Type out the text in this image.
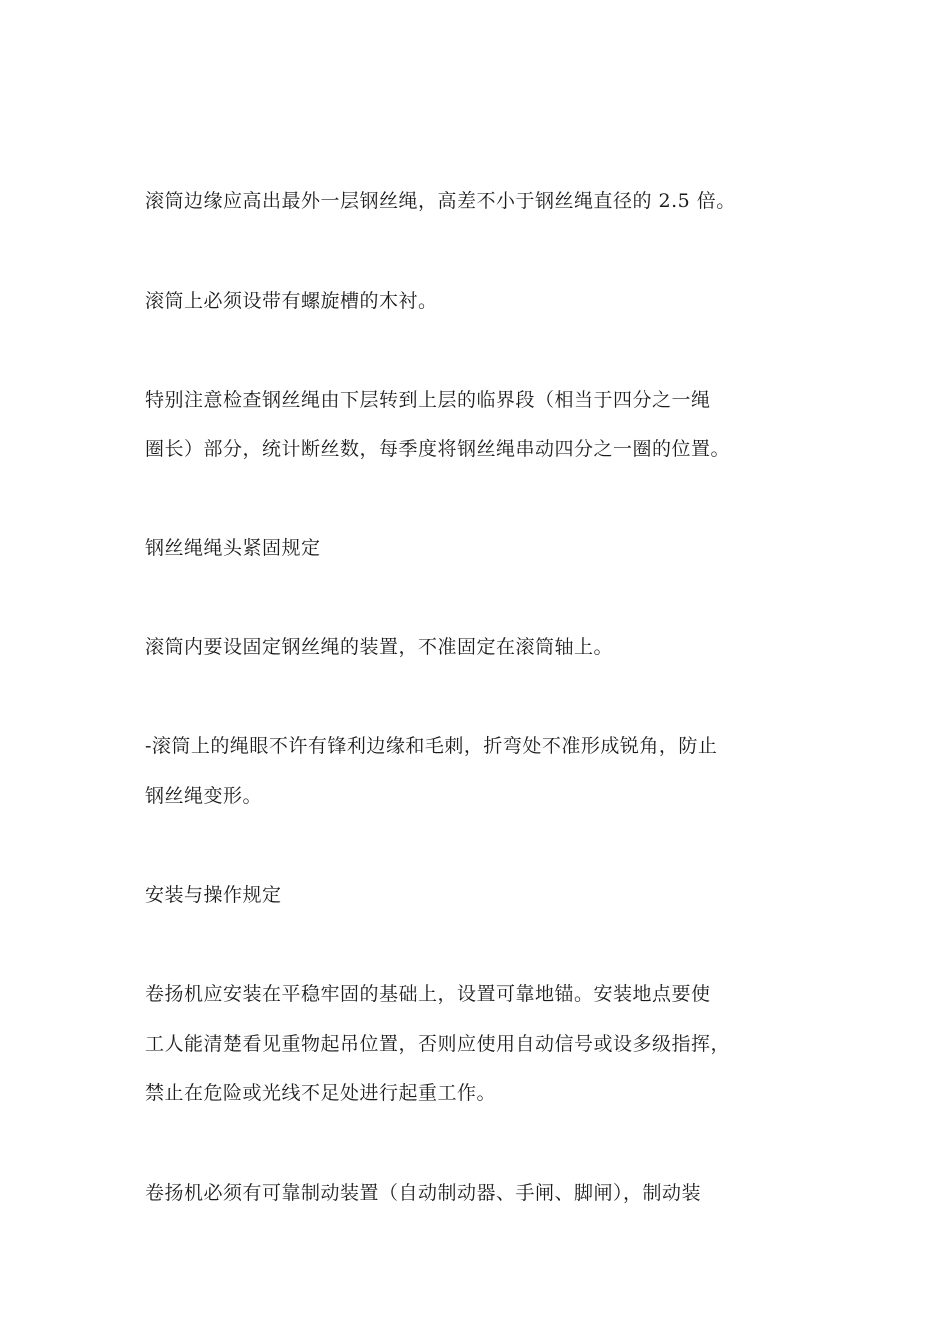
滚筒边缘应高出最外一层钢丝绳，高差不小于钢丝绳直径的 2.5 倍。
滚筒上必须设带有螺旋槽的木衬。
特别注意检查钢丝绳由下层转到上层的临界段（相当于四分之一绳
圈长）部分，统计断丝数，每季度将钢丝绳串动四分之一圈的位置。
钢丝绳绳头紧固规定
滚筒内要设固定钢丝绳的装置，不准固定在滚筒轴上。
-滚筒上的绳眼不许有锋利边缘和毛刺，折弯处不准形成锐角，防止
钢丝绳变形。
安装与操作规定
卷扬机应安装在平稳牢固的基础上，设置可靠地锚。安装地点要使
工人能清楚看见重物起吊位置，否则应使用自动信号或设多级指挥，
禁止在危险或光线不足处进行起重工作。
卷扬机必须有可靠制动装置（自动制动器、手闸、脚闸），制动装
